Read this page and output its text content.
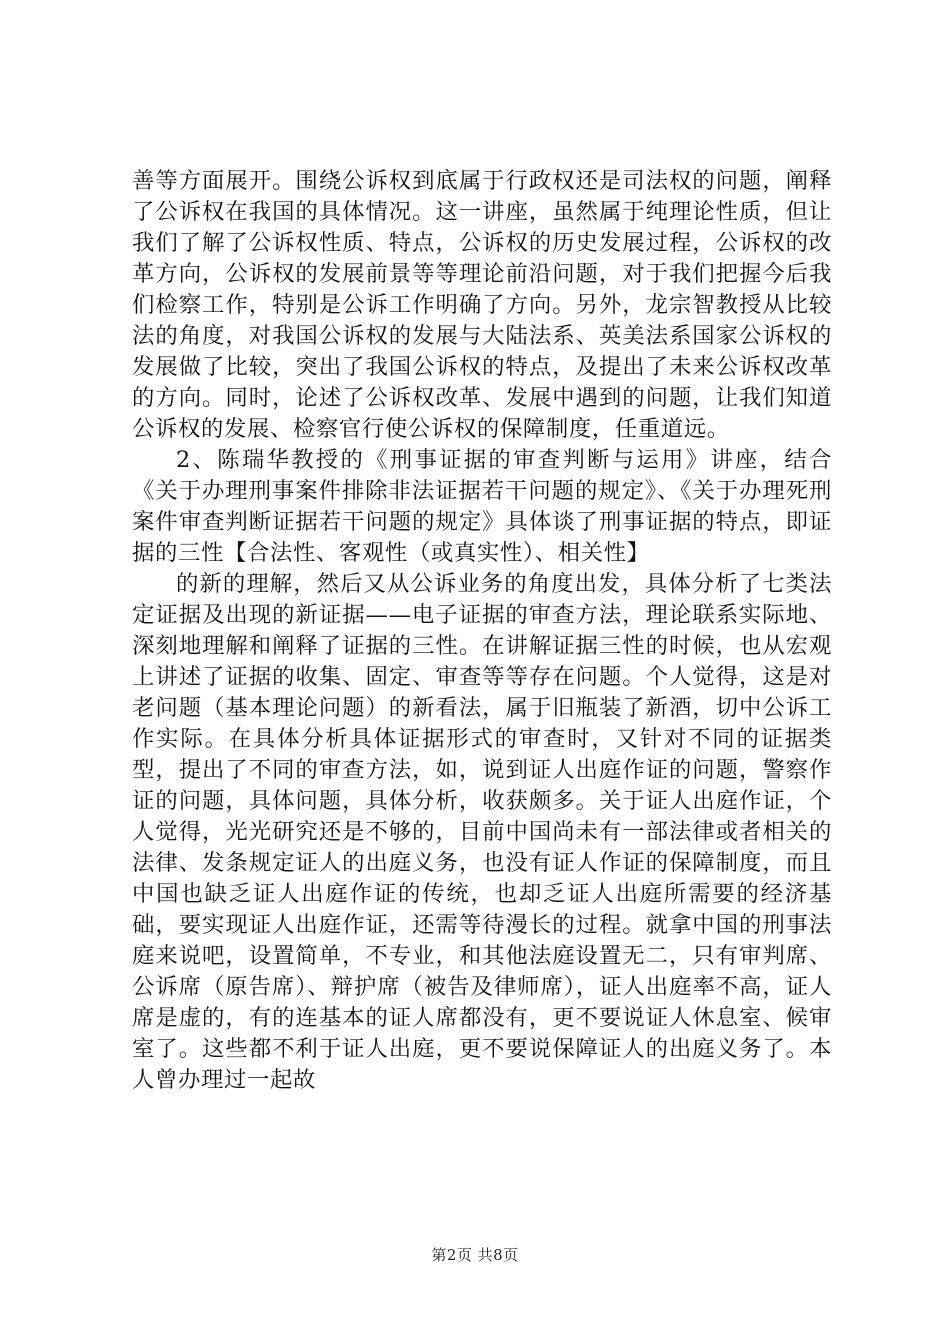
善等方面展开。围绕公诉权到底属于行政权还是司法权的问题，阐释了公诉权在我国的具体情况。这一讲座，虽然属于纯理论性质，但让我们了解了公诉权性质、特点，公诉权的历史发展过程，公诉权的改革方向，公诉权的发展前景等等理论前沿问题，对于我们把握今后我们检察工作，特别是公诉工作明确了方向。另外，龙宗智教授从比较法的角度，对我国公诉权的发展与大陆法系、英美法系国家公诉权的发展做了比较，突出了我国公诉权的特点，及提出了未来公诉权改革的方向。同时，论述了公诉权改革、发展中遇到的问题，让我们知道公诉权的发展、检察官行使公诉权的保障制度，任重道远。

2、陈瑞华教授的《刑事证据的审查判断与运用》讲座，结合《关于办理刑事案件排除非法证据若干问题的规定》、《关于办理死刑案件审查判断证据若干问题的规定》具体谈了刑事证据的特点，即证据的三性【合法性、客观性（或真实性）、相关性】

的新的理解，然后又从公诉业务的角度出发，具体分析了七类法定证据及出现的新证据——电子证据的审查方法，理论联系实际地、深刻地理解和阐释了证据的三性。在讲解证据三性的时候，也从宏观上讲述了证据的收集、固定、审查等等存在问题。个人觉得，这是对老问题（基本理论问题）的新看法，属于旧瓶装了新酒，切中公诉工作实际。在具体分析具体证据形式的审查时，又针对不同的证据类型，提出了不同的审查方法，如，说到证人出庭作证的问题，警察作证的问题，具体问题，具体分析，收获颇多。关于证人出庭作证，个人觉得，光光研究还是不够的，目前中国尚未有一部法律或者相关的法律、发条规定证人的出庭义务，也没有证人作证的保障制度，而且中国也缺乏证人出庭作证的传统，也却乏证人出庭所需要的经济基础，要实现证人出庭作证，还需等待漫长的过程。就拿中国的刑事法庭来说吧，设置简单，不专业，和其他法庭设置无二，只有审判席、公诉席（原告席）、辩护席（被告及律师席），证人出庭率不高，证人席是虚的，有的连基本的证人席都没有，更不要说证人休息室、候审室了。这些都不利于证人出庭，更不要说保障证人的出庭义务了。本人曾办理过一起故

第2页 共8页
